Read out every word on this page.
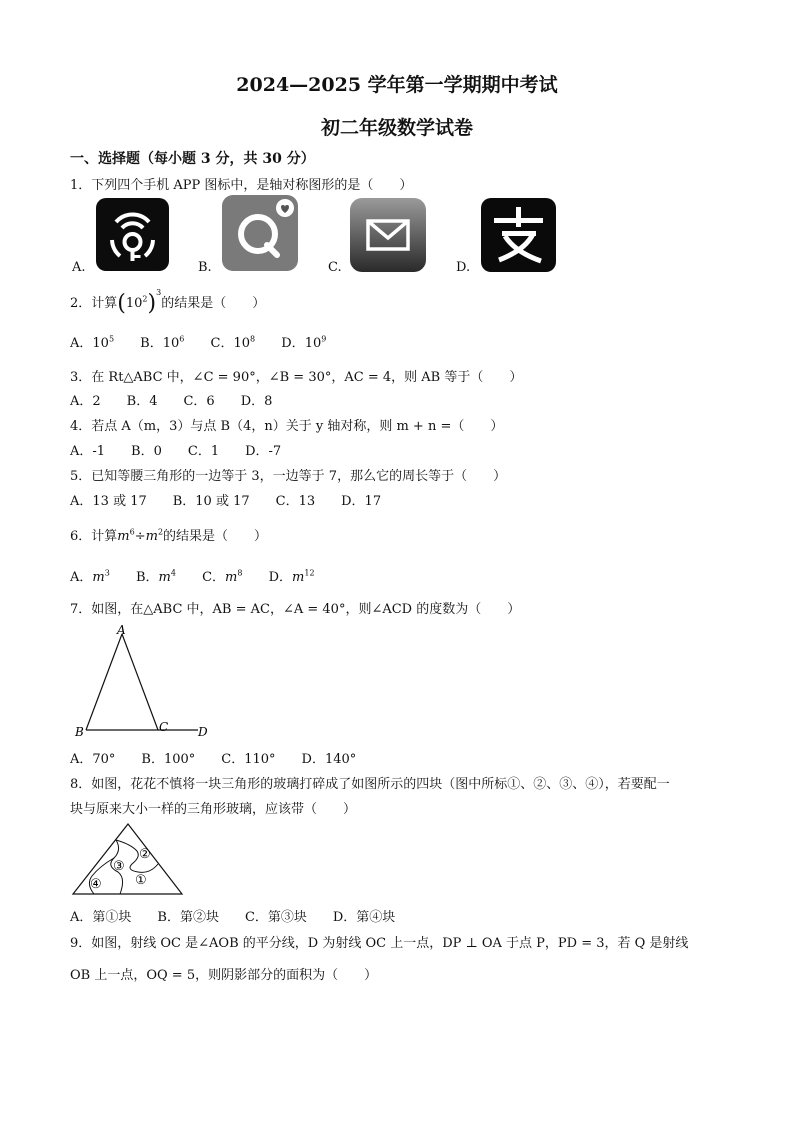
2024—2025 学年第一学期期中考试
初二年级数学试卷
一、选择题（每小题 3 分，共 30 分）
1．下列四个手机 APP 图标中，是轴对称图形的是（　　）
A.	B.	C.	D.
2．计算$(10^2)^3$的结果是（　　）
A．$10^5$ B．$10^6$ C．$10^8$ D．$10^9$
3．在 Rt△ABC 中，∠C = 90°，∠B = 30°，AC = 4，则 AB 等于（　　）
A．2　　B．4　　C．6　　D．8
4．若点 A（m，3）与点 B（4，n）关于 y 轴对称，则 m + n =（　　）
A．-1　　B．0　　C．1　　D．-7
5．已知等腰三角形的一边等于 3，一边等于 7，那么它的周长等于（　　）
A．13 或 17　　B．10 或 17　　C．13　　D．17
6．计算$m^6\div m^2$的结果是（　　）
A．$m^3$ B．$m^4$ C．$m^8$ D．$m^{12}$
7．如图，在△ABC 中，AB = AC，∠A = 40°，则∠ACD 的度数为（　　）
A
B	C D
A．70°　　B．100°　　C．110°　　D．140°
8．如图，花花不慎将一块三角形的玻璃打碎成了如图所示的四块（图中所标①、②、③、④），若要配一
块与原来大小一样的三角形玻璃，应该带（　　）
①
②
③
④
A．第①块　　B．第②块　　C．第③块　　D．第④块
9．如图，射线 OC 是∠AOB 的平分线，D 为射线 OC 上一点，DP ⊥ OA 于点 P，PD = 3，若 Q 是射线
OB 上一点，OQ = 5，则阴影部分的面积为（　　）
